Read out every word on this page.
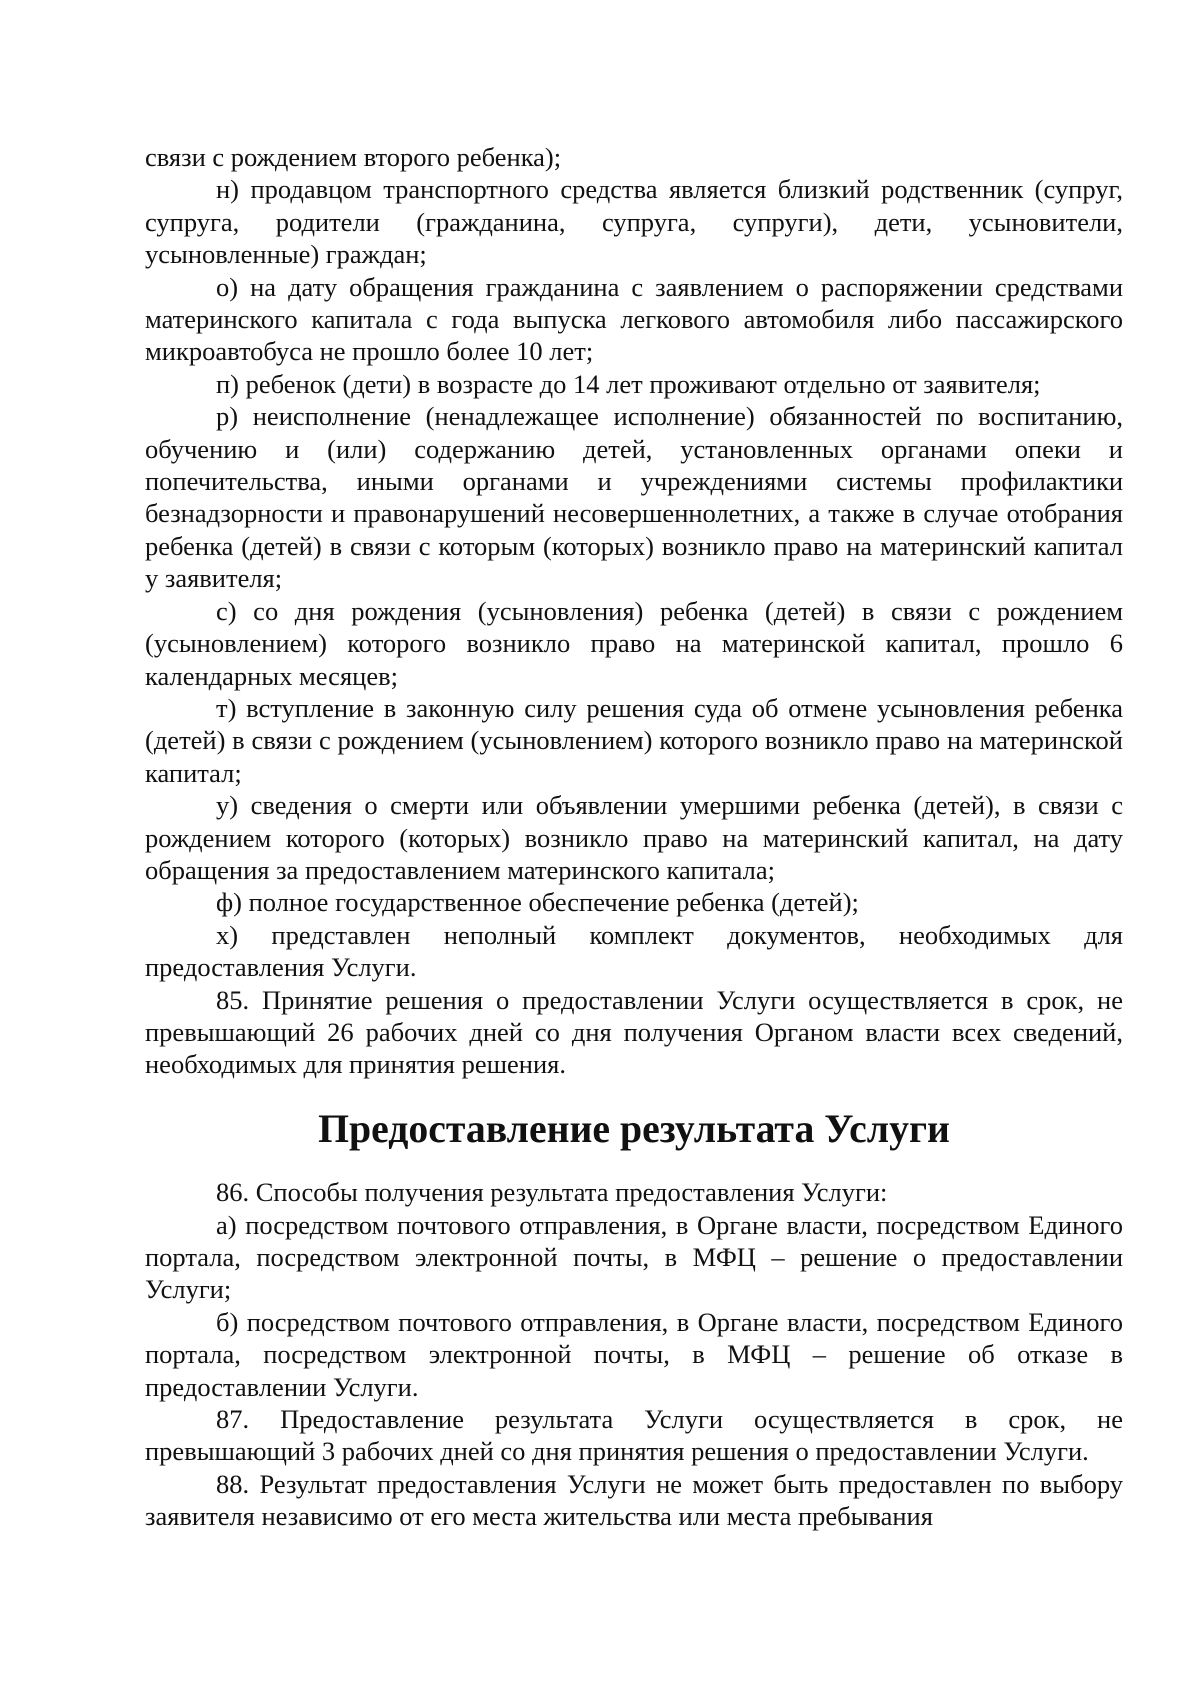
связи с рождением второго ребенка);

н) продавцом транспортного средства является близкий родственник (супруг, супруга, родители (гражданина, супруга, супруги), дети, усыновители, усыновленные) граждан;

о) на дату обращения гражданина с заявлением о распоряжении средствами материнского капитала с года выпуска легкового автомобиля либо пассажирского микроавтобуса не прошло более 10 лет;

п) ребенок (дети) в возрасте до 14 лет проживают отдельно от заявителя;

р) неисполнение (ненадлежащее исполнение) обязанностей по воспитанию, обучению и (или) содержанию детей, установленных органами опеки и попечительства, иными органами и учреждениями системы профилактики безнадзорности и правонарушений несовершеннолетних, а также в случае отобрания ребенка (детей) в связи с которым (которых) возникло право на материнский капитал у заявителя;

с) со дня рождения (усыновления) ребенка (детей) в связи с рождением (усыновлением) которого возникло право на материнской капитал, прошло 6 календарных месяцев;

т) вступление в законную силу решения суда об отмене усыновления ребенка (детей) в связи с рождением (усыновлением) которого возникло право на материнской капитал;

у) сведения о смерти или объявлении умершими ребенка (детей), в связи с рождением которого (которых) возникло право на материнский капитал, на дату обращения за предоставлением материнского капитала;

ф) полное государственное обеспечение ребенка (детей);

х) представлен неполный комплект документов, необходимых для предоставления Услуги.

85. Принятие решения о предоставлении Услуги осуществляется в срок, не превышающий 26 рабочих дней со дня получения Органом власти всех сведений, необходимых для принятия решения.

Предоставление результата Услуги

86. Способы получения результата предоставления Услуги:

а) посредством почтового отправления, в Органе власти, посредством Единого портала, посредством электронной почты, в МФЦ – решение о предоставлении Услуги;

б) посредством почтового отправления, в Органе власти, посредством Единого портала, посредством электронной почты, в МФЦ – решение об отказе в предоставлении Услуги.

87. Предоставление результата Услуги осуществляется в срок, не превышающий 3 рабочих дней со дня принятия решения о предоставлении Услуги.

88. Результат предоставления Услуги не может быть предоставлен по выбору заявителя независимо от его места жительства или места пребывания
